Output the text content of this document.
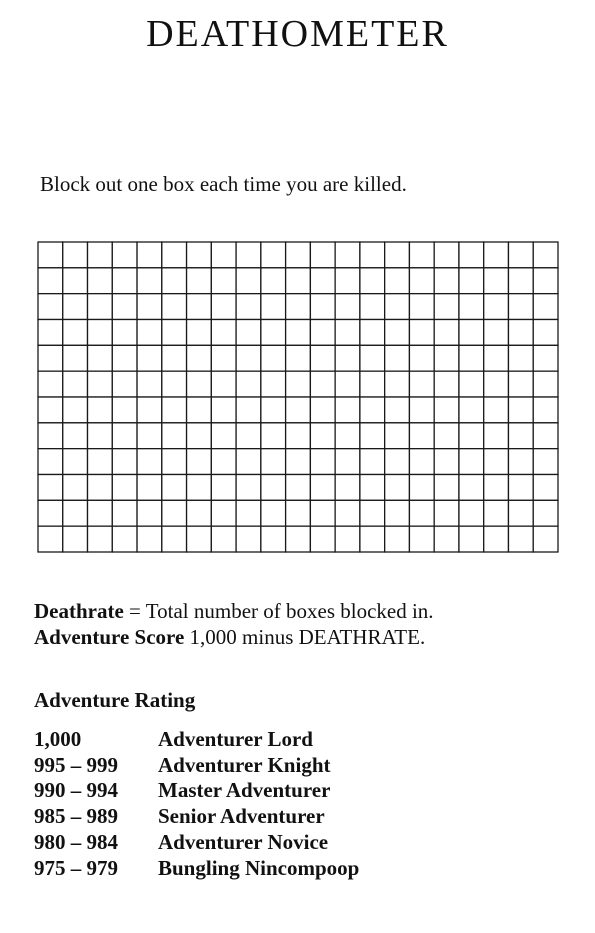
DEATHOMETER

Block out one box each time you are killed.

Deathrate = Total number of boxes blocked in.
Adventure Score 1,000 minus DEATHRATE.
Adventure Rating
1,000	Adventurer Lord
995 – 999	Adventurer Knight
990 – 994	Master Adventurer
985 – 989	Senior Adventurer
980 – 984	Adventurer Novice
975 – 979	Bungling Nincompoop
